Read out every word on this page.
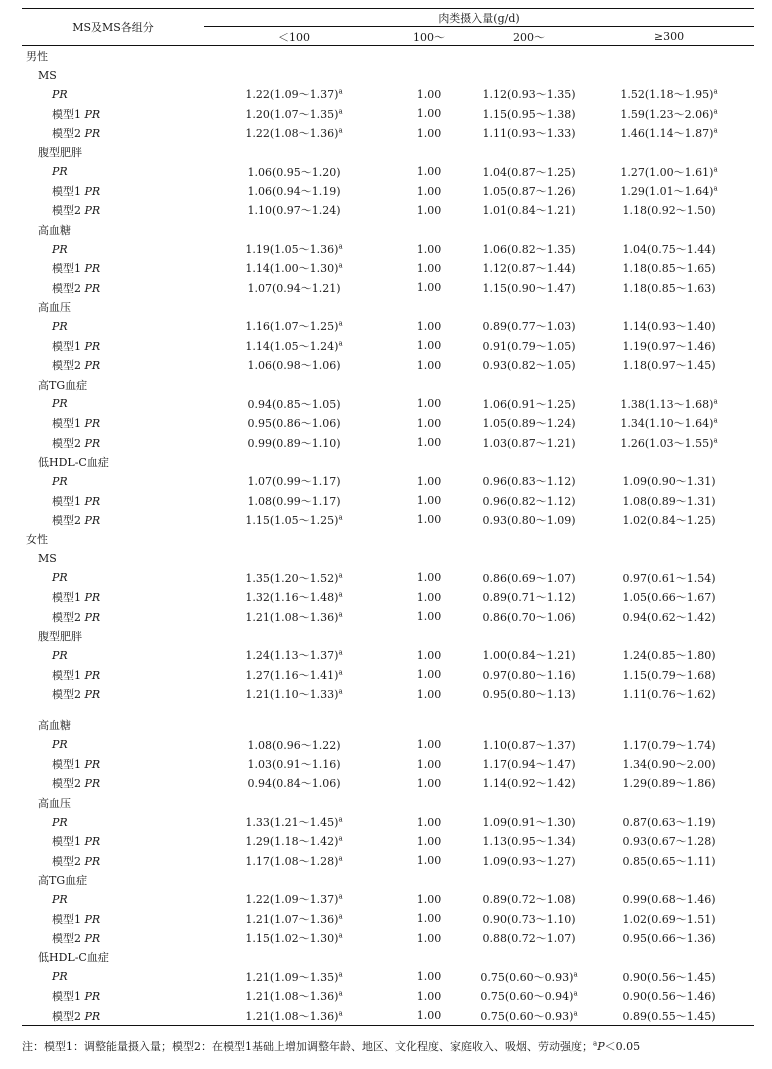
MS及MS各组分	肉类摄入量(g/d)			

	＜100	100～	200～	≥300
男性				
MS				
PR	1.22(1.09～1.37)$^a$	1.00	1.12(0.93～1.35)	1.52(1.18～1.95)$^a$
模型1 PR	1.20(1.07～1.35)$^a$	1.00	1.15(0.95～1.38)	1.59(1.23～2.06)$^a$
模型2 PR	1.22(1.08～1.36)$^a$	1.00	1.11(0.93～1.33)	1.46(1.14～1.87)$^a$
腹型肥胖				
PR	1.06(0.95～1.20)	1.00	1.04(0.87～1.25)	1.27(1.00～1.61)$^a$
模型1 PR	1.06(0.94～1.19)	1.00	1.05(0.87～1.26)	1.29(1.01～1.64)$^a$
模型2 PR	1.10(0.97～1.24)	1.00	1.01(0.84～1.21)	1.18(0.92～1.50)
高血糖				
PR	1.19(1.05～1.36)$^a$	1.00	1.06(0.82～1.35)	1.04(0.75～1.44)
模型1 PR	1.14(1.00～1.30)$^a$	1.00	1.12(0.87～1.44)	1.18(0.85～1.65)
模型2 PR	1.07(0.94～1.21)	1.00	1.15(0.90～1.47)	1.18(0.85～1.63)
高血压				
PR	1.16(1.07～1.25)$^a$	1.00	0.89(0.77～1.03)	1.14(0.93～1.40)
模型1 PR	1.14(1.05～1.24)$^a$	1.00	0.91(0.79～1.05)	1.19(0.97～1.46)
模型2 PR	1.06(0.98～1.06)	1.00	0.93(0.82～1.05)	1.18(0.97～1.45)
高TG血症				
PR	0.94(0.85～1.05)	1.00	1.06(0.91～1.25)	1.38(1.13～1.68)$^a$
模型1 PR	0.95(0.86～1.06)	1.00	1.05(0.89～1.24)	1.34(1.10～1.64)$^a$
模型2 PR	0.99(0.89～1.10)	1.00	1.03(0.87～1.21)	1.26(1.03～1.55)$^a$
低HDL-C血症				
PR	1.07(0.99～1.17)	1.00	0.96(0.83～1.12)	1.09(0.90～1.31)
模型1 PR	1.08(0.99～1.17)	1.00	0.96(0.82～1.12)	1.08(0.89～1.31)
模型2 PR	1.15(1.05～1.25)$^a$	1.00	0.93(0.80～1.09)	1.02(0.84～1.25)
女性				
MS				
PR	1.35(1.20～1.52)$^a$	1.00	0.86(0.69～1.07)	0.97(0.61～1.54)
模型1 PR	1.32(1.16～1.48)$^a$	1.00	0.89(0.71～1.12)	1.05(0.66～1.67)
模型2 PR	1.21(1.08～1.36)$^a$	1.00	0.86(0.70～1.06)	0.94(0.62～1.42)
腹型肥胖				
PR	1.24(1.13～1.37)$^a$	1.00	1.00(0.84～1.21)	1.24(0.85～1.80)
模型1 PR	1.27(1.16～1.41)$^a$	1.00	0.97(0.80～1.16)	1.15(0.79～1.68)
模型2 PR	1.21(1.10～1.33)$^a$	1.00	0.95(0.80～1.13)	1.11(0.76～1.62)

高血糖				
PR	1.08(0.96～1.22)	1.00	1.10(0.87～1.37)	1.17(0.79～1.74)
模型1 PR	1.03(0.91～1.16)	1.00	1.17(0.94～1.47)	1.34(0.90～2.00)
模型2 PR	0.94(0.84～1.06)	1.00	1.14(0.92～1.42)	1.29(0.89～1.86)
高血压				
PR	1.33(1.21～1.45)$^a$	1.00	1.09(0.91～1.30)	0.87(0.63～1.19)
模型1 PR	1.29(1.18～1.42)$^a$	1.00	1.13(0.95～1.34)	0.93(0.67～1.28)
模型2 PR	1.17(1.08～1.28)$^a$	1.00	1.09(0.93～1.27)	0.85(0.65～1.11)
高TG血症				
PR	1.22(1.09～1.37)$^a$	1.00	0.89(0.72～1.08)	0.99(0.68～1.46)
模型1 PR	1.21(1.07～1.36)$^a$	1.00	0.90(0.73～1.10)	1.02(0.69～1.51)
模型2 PR	1.15(1.02～1.30)$^a$	1.00	0.88(0.72～1.07)	0.95(0.66～1.36)
低HDL-C血症				
PR	1.21(1.09～1.35)$^a$	1.00	0.75(0.60～0.93)$^a$	0.90(0.56～1.45)
模型1 PR	1.21(1.08～1.36)$^a$	1.00	0.75(0.60～0.94)$^a$	0.90(0.56～1.46)
模型2 PR	1.21(1.08～1.36)$^a$	1.00	0.75(0.60～0.93)$^a$	0.89(0.55～1.45)
注：模型1：调整能量摄入量；模型2：在模型1基础上增加调整年龄、地区、文化程度、家庭收入、吸烟、劳动强度；$^a$P＜0.05
